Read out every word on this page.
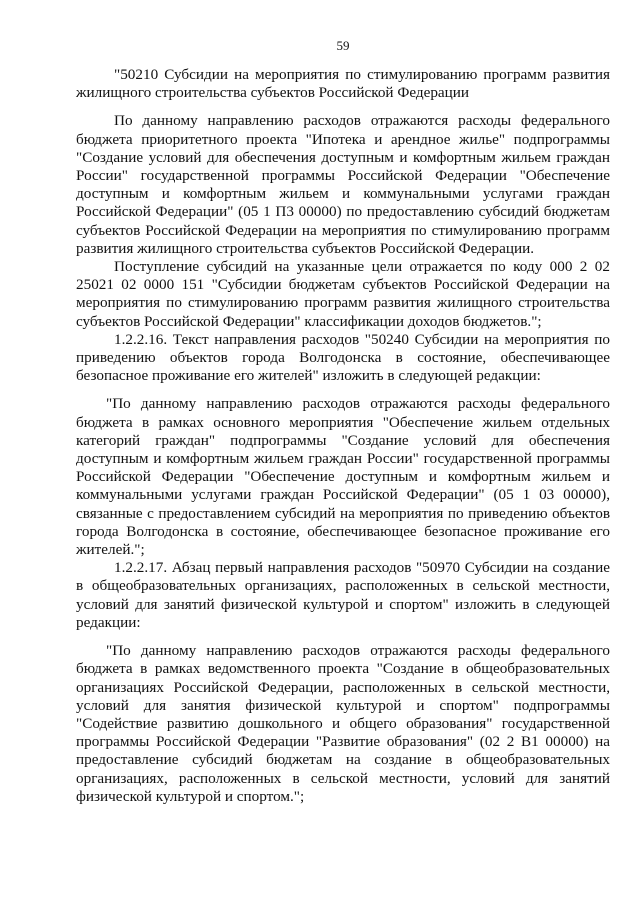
59

"50210 Субсидии на мероприятия по стимулированию программ развития жилищного строительства субъектов Российской Федерации

По данному направлению расходов отражаются расходы федерального бюджета приоритетного проекта "Ипотека и арендное жилье" подпрограммы "Создание условий для обеспечения доступным и комфортным жильем граждан России" государственной программы Российской Федерации "Обеспечение доступным и комфортным жильем и коммунальными услугами граждан Российской Федерации" (05 1 П3 00000) по предоставлению субсидий бюджетам субъектов Российской Федерации на мероприятия по стимулированию программ развития жилищного строительства субъектов Российской Федерации.

Поступление субсидий на указанные цели отражается по коду 000 2 02 25021 02 0000 151 "Субсидии бюджетам субъектов Российской Федерации на мероприятия по стимулированию программ развития жилищного строительства субъектов Российской Федерации" классификации доходов бюджетов.";

1.2.2.16. Текст направления расходов "50240 Субсидии на мероприятия по приведению объектов города Волгодонска в состояние, обеспечивающее безопасное проживание его жителей" изложить в следующей редакции:

"По данному направлению расходов отражаются расходы федерального бюджета в рамках основного мероприятия "Обеспечение жильем отдельных категорий граждан" подпрограммы "Создание условий для обеспечения доступным и комфортным жильем граждан России" государственной программы Российской Федерации "Обеспечение доступным и комфортным жильем и коммунальными услугами граждан Российской Федерации" (05 1 03 00000), связанные с предоставлением субсидий на мероприятия по приведению объектов города Волгодонска в состояние, обеспечивающее безопасное проживание его жителей.";

1.2.2.17. Абзац первый направления расходов "50970 Субсидии на создание в общеобразовательных организациях, расположенных в сельской местности, условий для занятий физической культурой и спортом" изложить в следующей редакции:

"По данному направлению расходов отражаются расходы федерального бюджета в рамках ведомственного проекта "Создание в общеобразовательных организациях Российской Федерации, расположенных в сельской местности, условий для занятия физической культурой и спортом" подпрограммы "Содействие развитию дошкольного и общего образования" государственной программы Российской Федерации "Развитие образования" (02 2 В1 00000) на предоставление субсидий бюджетам на создание в общеобразовательных организациях, расположенных в сельской местности, условий для занятий физической культурой и спортом.";
